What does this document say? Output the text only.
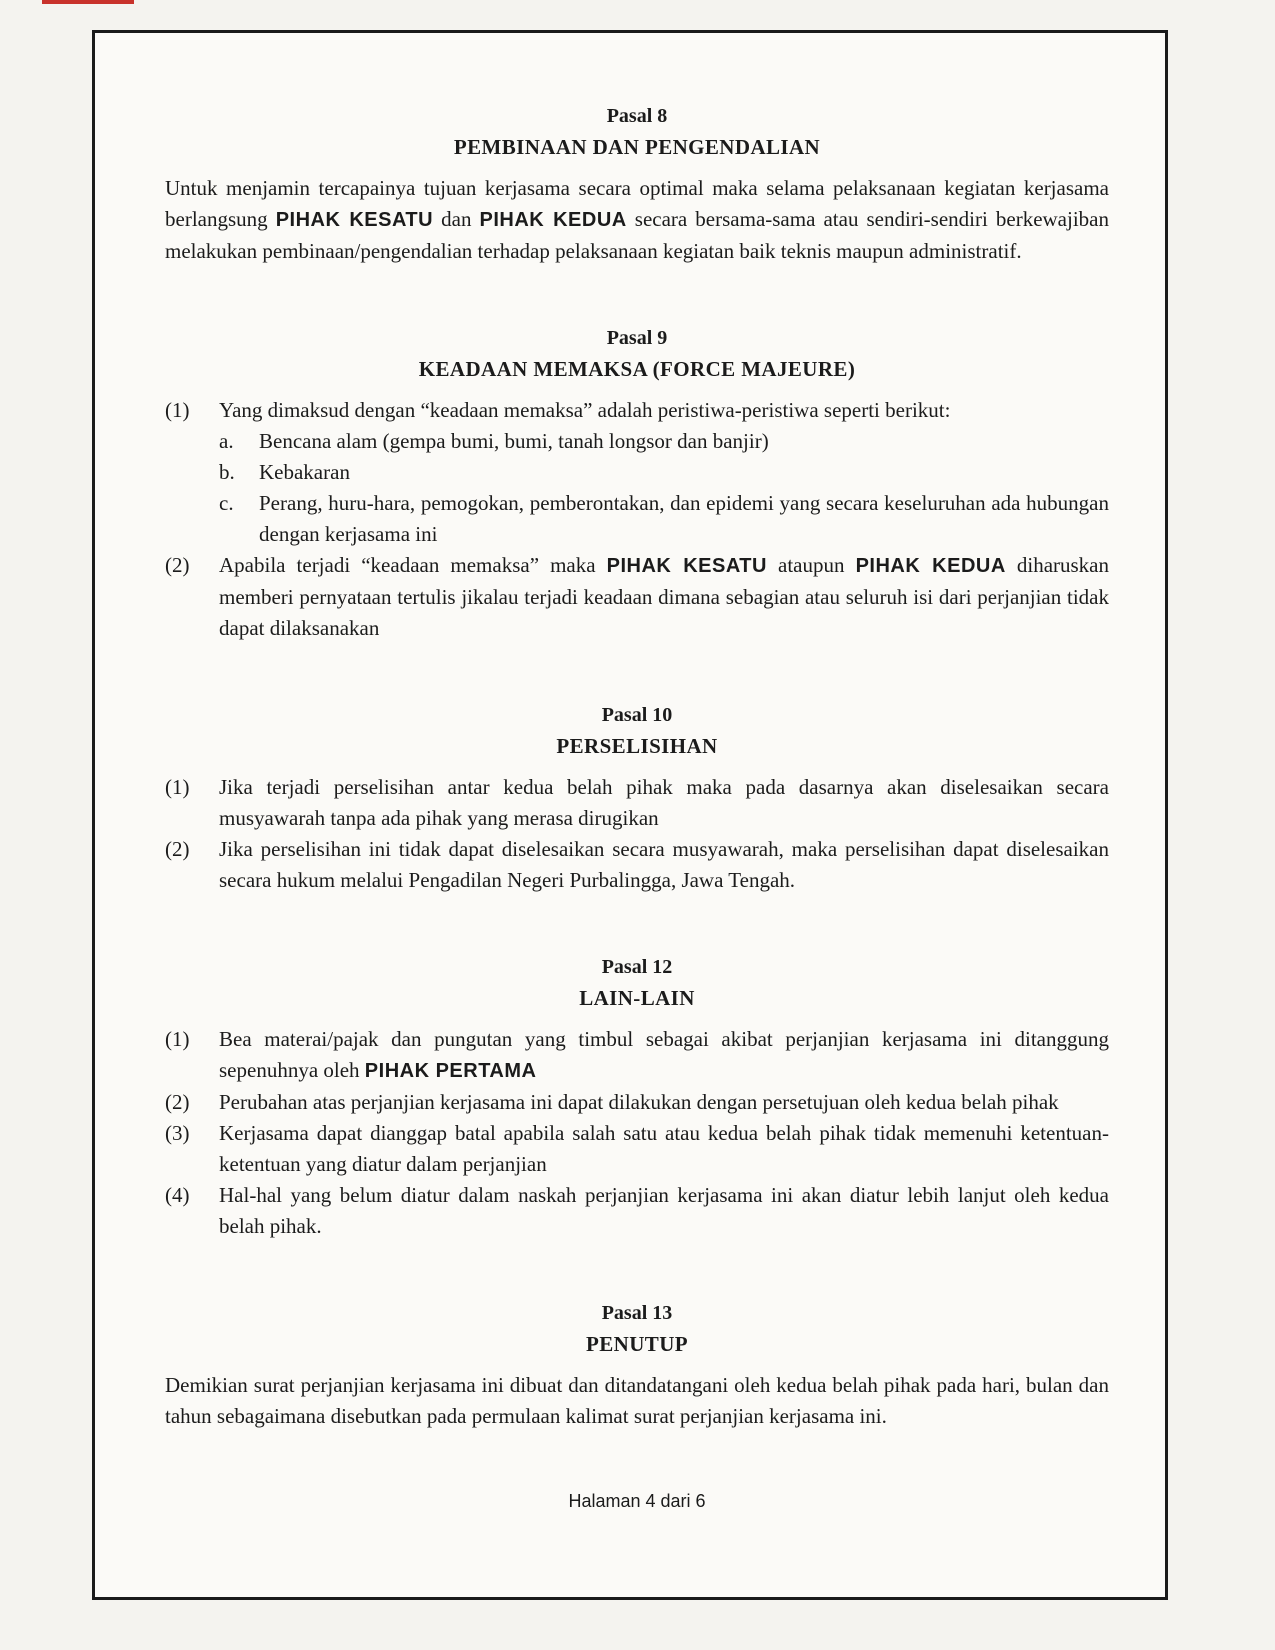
Pasal 8
PEMBINAAN DAN PENGENDALIAN

Untuk menjamin tercapainya tujuan kerjasama secara optimal maka selama pelaksanaan kegiatan kerjasama berlangsung PIHAK KESATU dan PIHAK KEDUA secara bersama-sama atau sendiri-sendiri berkewajiban melakukan pembinaan/pengendalian terhadap pelaksanaan kegiatan baik teknis maupun administratif.

Pasal 9
KEADAAN MEMAKSA (FORCE MAJEURE)
(1)	Yang dimaksud dengan “keadaan memaksa” adalah peristiwa-peristiwa seperti berikut:
a.	Bencana alam (gempa bumi, bumi, tanah longsor dan banjir)
b.	Kebakaran
c.	Perang, huru-hara, pemogokan, pemberontakan, dan epidemi yang secara keseluruhan ada hubungan dengan kerjasama ini
(2)	Apabila terjadi “keadaan memaksa” maka PIHAK KESATU ataupun PIHAK KEDUA diharuskan memberi pernyataan tertulis jikalau terjadi keadaan dimana sebagian atau seluruh isi dari perjanjian tidak dapat dilaksanakan
Pasal 10
PERSELISIHAN
(1)	Jika terjadi perselisihan antar kedua belah pihak maka pada dasarnya akan diselesaikan secara musyawarah tanpa ada pihak yang merasa dirugikan
(2)	Jika perselisihan ini tidak dapat diselesaikan secara musyawarah, maka perselisihan dapat diselesaikan secara hukum melalui Pengadilan Negeri Purbalingga, Jawa Tengah.
Pasal 12
LAIN-LAIN
(1)	Bea materai/pajak dan pungutan yang timbul sebagai akibat perjanjian kerjasama ini ditanggung sepenuhnya oleh PIHAK PERTAMA
(2)	Perubahan atas perjanjian kerjasama ini dapat dilakukan dengan persetujuan oleh kedua belah pihak
(3)	Kerjasama dapat dianggap batal apabila salah satu atau kedua belah pihak tidak memenuhi ketentuan-ketentuan yang diatur dalam perjanjian
(4)	Hal-hal yang belum diatur dalam naskah perjanjian kerjasama ini akan diatur lebih lanjut oleh kedua belah pihak.
Pasal 13
PENUTUP

Demikian surat perjanjian kerjasama ini dibuat dan ditandatangani oleh kedua belah pihak pada hari, bulan dan tahun sebagaimana disebutkan pada permulaan kalimat surat perjanjian kerjasama ini.

Halaman 4 dari 6
